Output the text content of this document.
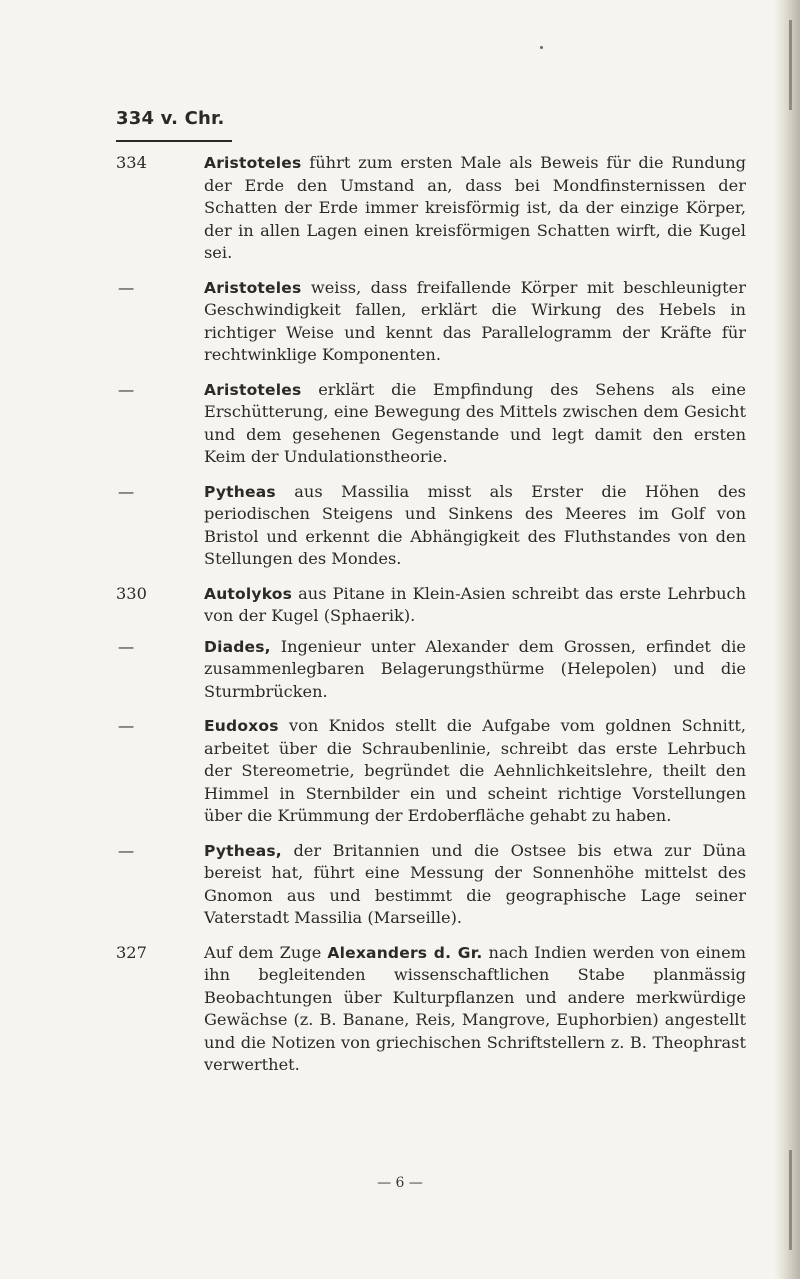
334 v. Chr.
334	Aristoteles führt zum ersten Male als Beweis für die Rundung der Erde den Umstand an, dass bei Mondfinsternissen der Schatten der Erde immer kreisförmig ist, da der einzige Körper, der in allen Lagen einen kreisförmigen Schatten wirft, die Kugel sei.
—	Aristoteles weiss, dass freifallende Körper mit beschleunigter Geschwindigkeit fallen, erklärt die Wirkung des Hebels in richtiger Weise und kennt das Parallelogramm der Kräfte für rechtwinklige Komponenten.
—	Aristoteles erklärt die Empfindung des Sehens als eine Erschütterung, eine Bewegung des Mittels zwischen dem Gesicht und dem gesehenen Gegenstande und legt damit den ersten Keim der Undulationstheorie.
—	Pytheas aus Massilia misst als Erster die Höhen des periodischen Steigens und Sinkens des Meeres im Golf von Bristol und erkennt die Abhängigkeit des Fluthstandes von den Stellungen des Mondes.
330	Autolykos aus Pitane in Klein-Asien schreibt das erste Lehrbuch von der Kugel (Sphaerik).
—	Diades, Ingenieur unter Alexander dem Grossen, erfindet die zusammenlegbaren Belagerungsthürme (Helepolen) und die Sturmbrücken.
—	Eudoxos von Knidos stellt die Aufgabe vom goldnen Schnitt, arbeitet über die Schraubenlinie, schreibt das erste Lehrbuch der Stereometrie, begründet die Aehnlichkeitslehre, theilt den Himmel in Sternbilder ein und scheint richtige Vorstellungen über die Krümmung der Erdoberfläche gehabt zu haben.
—	Pytheas, der Britannien und die Ostsee bis etwa zur Düna bereist hat, führt eine Messung der Sonnenhöhe mittelst des Gnomon aus und bestimmt die geographische Lage seiner Vaterstadt Massilia (Marseille).
327	Auf dem Zuge Alexanders d. Gr. nach Indien werden von einem ihn begleitenden wissenschaftlichen Stabe planmässig Beobachtungen über Kulturpflanzen und andere merkwürdige Gewächse (z. B. Banane, Reis, Mangrove, Euphorbien) angestellt und die Notizen von griechischen Schriftstellern z. B. Theophrast verwerthet.
— 6 —
